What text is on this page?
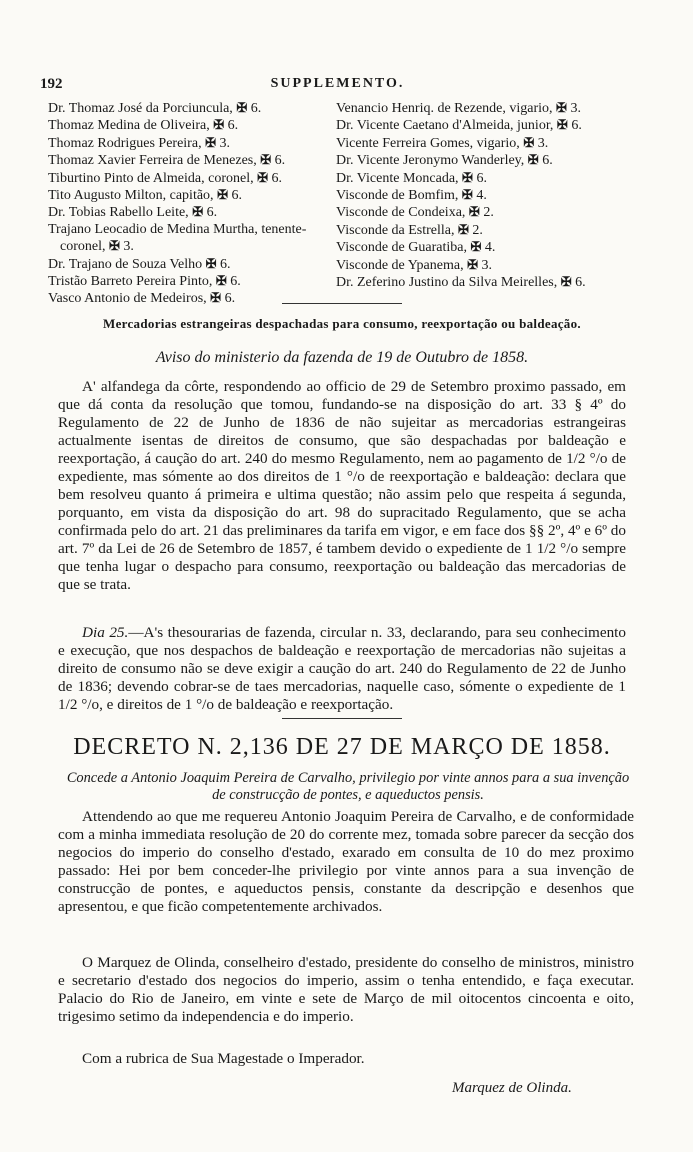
192	SUPPLEMENTO.
Dr. Thomaz José da Porciuncula, ✠ 6.
Thomaz Medina de Oliveira, ✠ 6.
Thomaz Rodrigues Pereira, ✠ 3.
Thomaz Xavier Ferreira de Menezes, ✠ 6.
Tiburtino Pinto de Almeida, coronel, ✠ 6.
Tito Augusto Milton, capitão, ✠ 6.
Dr. Tobias Rabello Leite, ✠ 6.
Trajano Leocadio de Medina Murtha, tenente-coronel, ✠ 3.
Dr. Trajano de Souza Velho ✠ 6.
Tristão Barreto Pereira Pinto, ✠ 6.
Vasco Antonio de Medeiros, ✠ 6.
Venancio Henriq. de Rezende, vigario, ✠ 3.
Dr. Vicente Caetano d'Almeida, junior, ✠ 6.
Vicente Ferreira Gomes, vigario, ✠ 3.
Dr. Vicente Jeronymo Wanderley, ✠ 6.
Dr. Vicente Moncada, ✠ 6.
Visconde de Bomfim, ✠ 4.
Visconde de Condeixa, ✠ 2.
Visconde da Estrella, ✠ 2.
Visconde de Guaratiba, ✠ 4.
Visconde de Ypanema, ✠ 3.
Dr. Zeferino Justino da Silva Meirelles, ✠ 6.
Mercadorias estrangeiras despachadas para consumo, reexportação ou baldeação.
Aviso do ministerio da fazenda de 19 de Outubro de 1858.
A' alfandega da côrte, respondendo ao officio de 29 de Setembro proximo passado, em que dá conta da resolução que tomou, fundando-se na disposição do art. 33 § 4º do Regulamento de 22 de Junho de 1836 de não sujeitar as mercadorias estrangeiras actualmente isentas de direitos de consumo, que são despachadas por baldeação e reexportação, á caução do art. 240 do mesmo Regulamento, nem ao pagamento de 1/2 °/o de expediente, mas sómente ao dos direitos de 1 °/o de reexportação e baldeação: declara que bem resolveu quanto á primeira e ultima questão; não assim pelo que respeita á segunda, porquanto, em vista da disposição do art. 98 do supracitado Regulamento, que se acha confirmada pelo do art. 21 das preliminares da tarifa em vigor, e em face dos §§ 2º, 4º e 6º do art. 7º da Lei de 26 de Setembro de 1857, é tambem devido o expediente de 1 1/2 °/o sempre que tenha lugar o despacho para consumo, reexportação ou baldeação das mercadorias de que se trata.
Dia 25.—A's thesourarias de fazenda, circular n. 33, declarando, para seu conhecimento e execução, que nos despachos de baldeação e reexportação de mercadorias não sujeitas a direito de consumo não se deve exigir a caução do art. 240 do Regulamento de 22 de Junho de 1836; devendo cobrar-se de taes mercadorias, naquelle caso, sómente o expediente de 1 1/2 °/o, e direitos de 1 °/o de baldeação e reexportação.
DECRETO N. 2,136 DE 27 DE MARÇO DE 1858.
Concede a Antonio Joaquim Pereira de Carvalho, privilegio por vinte annos para a sua invenção de construcção de pontes, e aqueductos pensis.
Attendendo ao que me requereu Antonio Joaquim Pereira de Carvalho, e de conformidade com a minha immediata resolução de 20 do corrente mez, tomada sobre parecer da secção dos negocios do imperio do conselho d'estado, exarado em consulta de 10 do mez proximo passado: Hei por bem conceder-lhe privilegio por vinte annos para a sua invenção de construcção de pontes, e aqueductos pensis, constante da descripção e desenhos que apresentou, e que ficão competentemente archivados.
O Marquez de Olinda, conselheiro d'estado, presidente do conselho de ministros, ministro e secretario d'estado dos negocios do imperio, assim o tenha entendido, e faça executar. Palacio do Rio de Janeiro, em vinte e sete de Março de mil oitocentos cincoenta e oito, trigesimo setimo da independencia e do imperio.
Com a rubrica de Sua Magestade o Imperador.
Marquez de Olinda.
